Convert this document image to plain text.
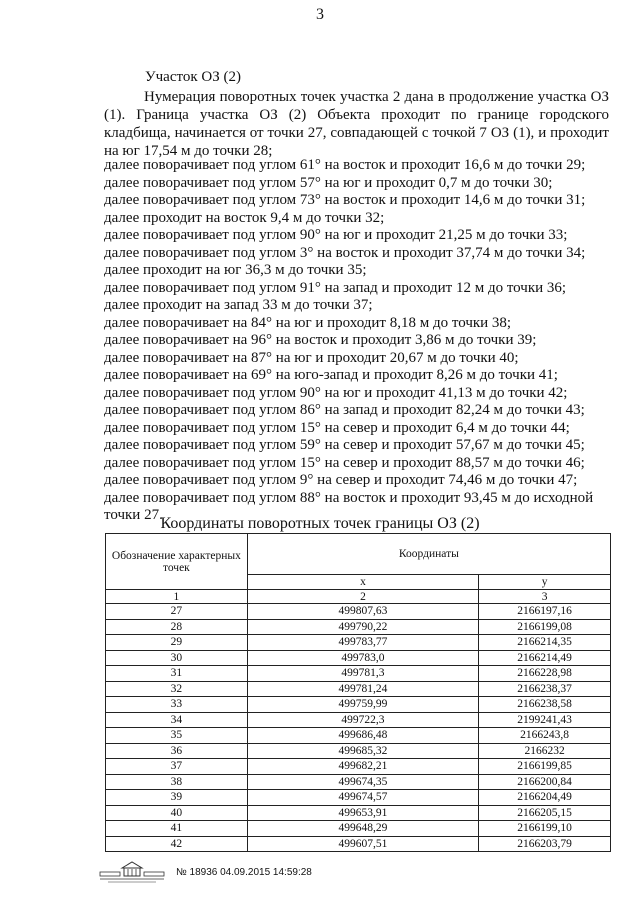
3
Участок ОЗ (2)

Нумерация поворотных точек участка 2 дана в продолжение участка ОЗ (1). Граница участка ОЗ (2) Объекта проходит по границе городского кладбища, начинается от точки 27, совпадающей с точкой 7 ОЗ (1), и проходит на юг 17,54 м до точки 28;

далее поворачивает под углом 61° на восток и проходит 16,6 м до точки 29;
далее поворачивает под углом 57° на юг и проходит 0,7 м до точки 30;
далее поворачивает под углом 73° на восток и проходит 14,6 м до точки 31;
далее проходит на восток 9,4 м до точки 32;
далее поворачивает под углом 90° на юг и проходит 21,25 м до точки 33;
далее поворачивает под углом 3° на восток и проходит 37,74 м до точки 34;
далее проходит на юг 36,3 м до точки 35;
далее поворачивает под углом 91° на запад и проходит 12 м до точки 36;
далее проходит на запад 33 м до точки 37;
далее поворачивает на 84° на юг и проходит 8,18 м до точки 38;
далее поворачивает на 96° на восток и проходит 3,86 м до точки 39;
далее поворачивает на 87° на юг и проходит 20,67 м до точки 40;
далее поворачивает на 69° на юго-запад и проходит 8,26 м до точки 41;
далее поворачивает под углом 90° на юг и проходит 41,13 м до точки 42;
далее поворачивает под углом 86° на запад и проходит 82,24 м до точки 43;
далее поворачивает под углом 15° на север и проходит 6,4 м до точки 44;
далее поворачивает под углом 59° на север и проходит 57,67 м до точки 45;
далее поворачивает под углом 15° на север и проходит 88,57 м до точки 46;
далее поворачивает под углом 9° на север и проходит 74,46 м до точки 47;
далее поворачивает под углом 88° на восток и проходит 93,45 м до исходной точки 27.
Координаты поворотных точек границы ОЗ (2)
Обозначение характерных точек	Координаты	
	x	y
1	2	3
27	499807,63	2166197,16
28	499790,22	2166199,08
29	499783,77	2166214,35
30	499783,0	2166214,49
31	499781,3	2166228,98
32	499781,24	2166238,37
33	499759,99	2166238,58
34	499722,3	2199241,43
35	499686,48	2166243,8
36	499685,32	2166232
37	499682,21	2166199,85
38	499674,35	2166200,84
39	499674,57	2166204,49
40	499653,91	2166205,15
41	499648,29	2166199,10
42	499607,51	2166203,79
№ 18936 04.09.2015 14:59:28
